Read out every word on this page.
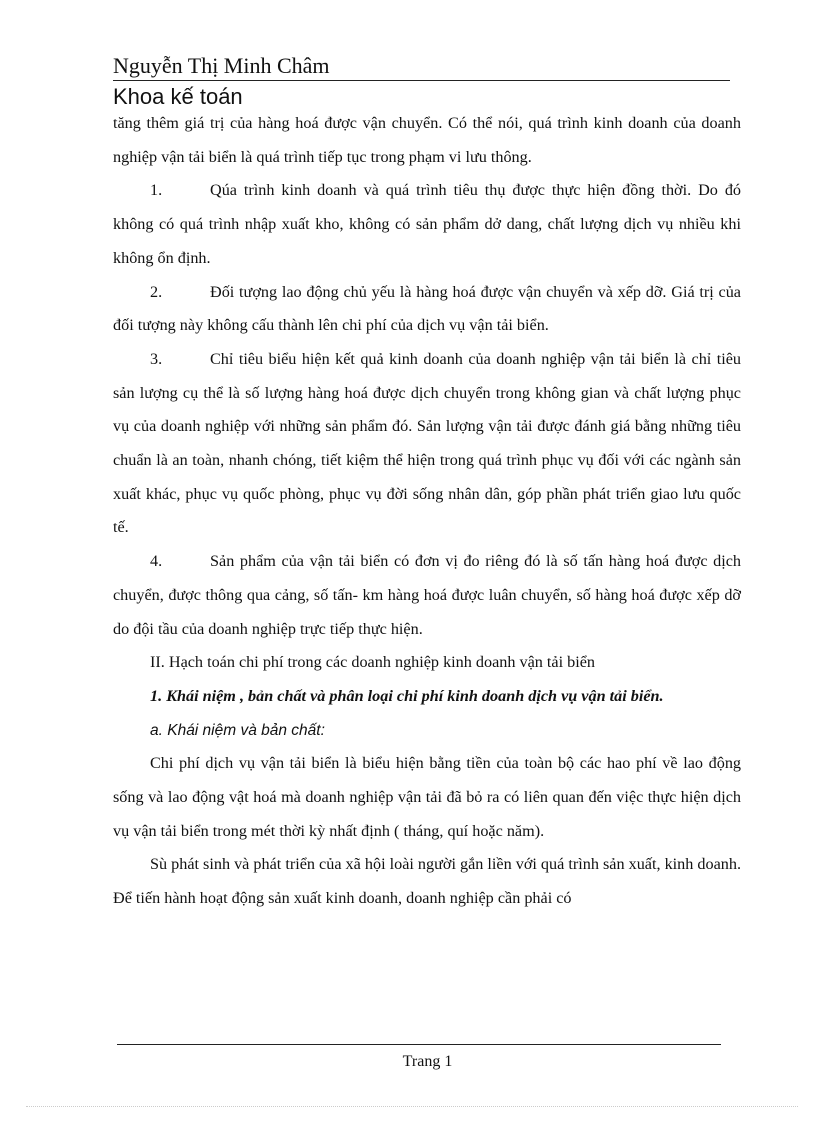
Nguyễn Thị Minh Châm
Khoa kế toán

tăng thêm giá trị của hàng hoá được vận chuyển. Có thể nói, quá trình kinh doanh của doanh nghiệp vận tải biển là quá trình tiếp tục trong phạm vi lưu thông.

1.	Qúa trình kinh doanh và quá trình tiêu thụ được thực hiện đồng thời. Do đó không có quá trình nhập xuất kho, không có sản phẩm dở dang, chất lượng dịch vụ nhiều khi không ổn định.

2.	Đối tượng lao động chủ yếu là hàng hoá được vận chuyển và xếp dỡ. Giá trị của đối tượng này không cấu thành lên chi phí của dịch vụ vận tải biển.

3.	Chỉ tiêu biểu hiện kết quả kinh doanh của doanh nghiệp vận tải biển là chỉ tiêu sản lượng cụ thể là số lượng hàng hoá được dịch chuyển trong không gian và chất lượng phục vụ của doanh nghiệp với những sản phẩm đó. Sản lượng vận tải được đánh giá bằng những tiêu chuẩn là an toàn, nhanh chóng, tiết kiệm thể hiện trong quá trình phục vụ đối với các ngành sản xuất khác, phục vụ quốc phòng, phục vụ đời sống nhân dân, góp phần phát triển giao lưu quốc tế.

4.	Sản phẩm của vận tải biển có đơn vị đo riêng đó là số tấn hàng hoá được dịch chuyển, được thông qua cảng, số tấn- km hàng hoá được luân chuyển, số hàng hoá được xếp dỡ do đội tầu của doanh nghiệp trực tiếp thực hiện.

II. Hạch toán chi phí trong các doanh nghiệp kinh doanh vận tải biển

1. Khái niệm , bản chất và phân loại chi phí kinh doanh dịch vụ vận tải biển.

a. Khái niệm và bản chất:

Chi phí dịch vụ vận tải biển là biểu hiện bằng tiền của toàn bộ các hao phí về lao động sống và lao động vật hoá mà doanh nghiệp vận tải đã bỏ ra có liên quan đến việc thực hiện dịch vụ vận tải biển trong mét thời kỳ nhất định ( tháng, quí hoặc năm).

Sù phát sinh và phát triển của xã hội loài người gắn liền với quá trình sản xuất, kinh doanh. Để tiến hành hoạt động sản xuất kinh doanh, doanh nghiệp cần phải có

Trang 1
